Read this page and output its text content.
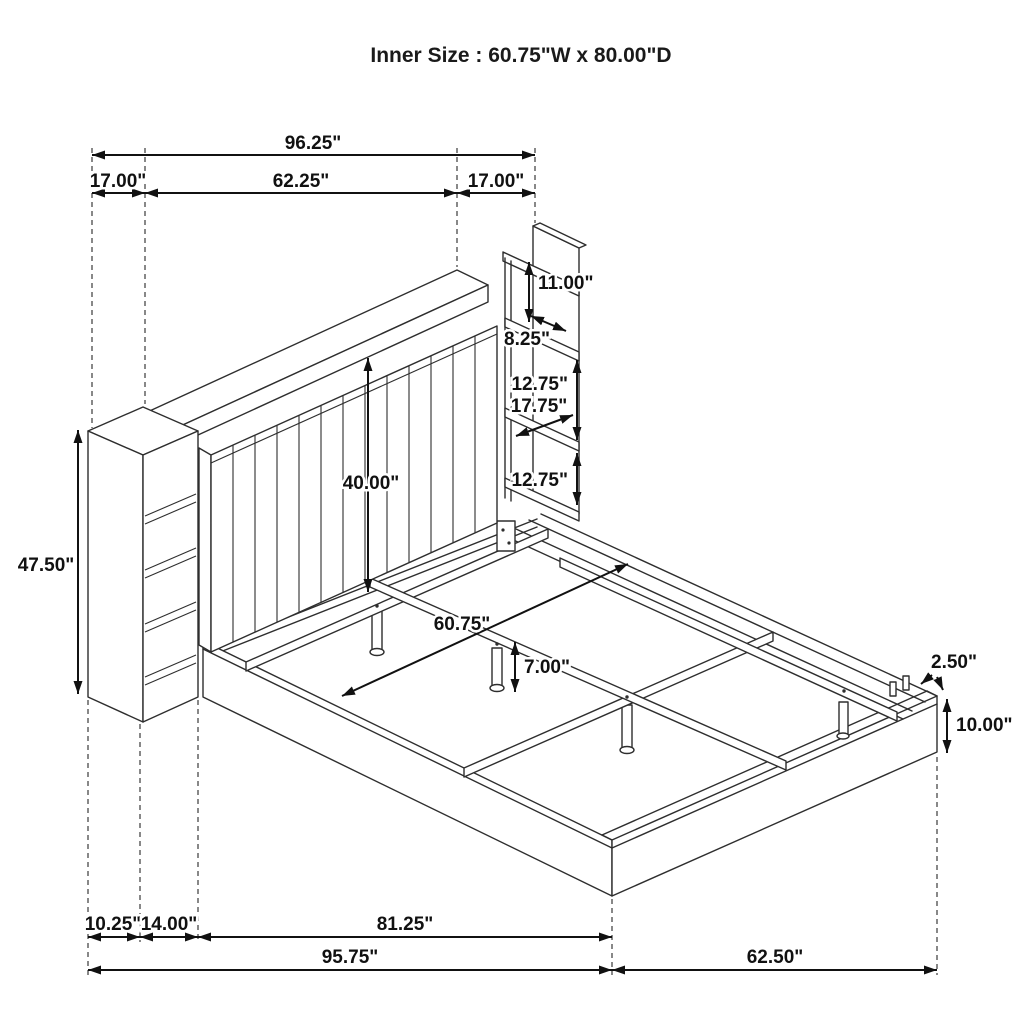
96.25"
17.00"	62.25"	17.00"
11.00"
8.25"
12.75"
17.75"
12.75"
40.00"
47.50"
60.75"
7.00"	2.50"
10.00"
10.25" 14.00"	81.25"
95.75"	62.50"
Inner Size : 60.75"W x 80.00"D
